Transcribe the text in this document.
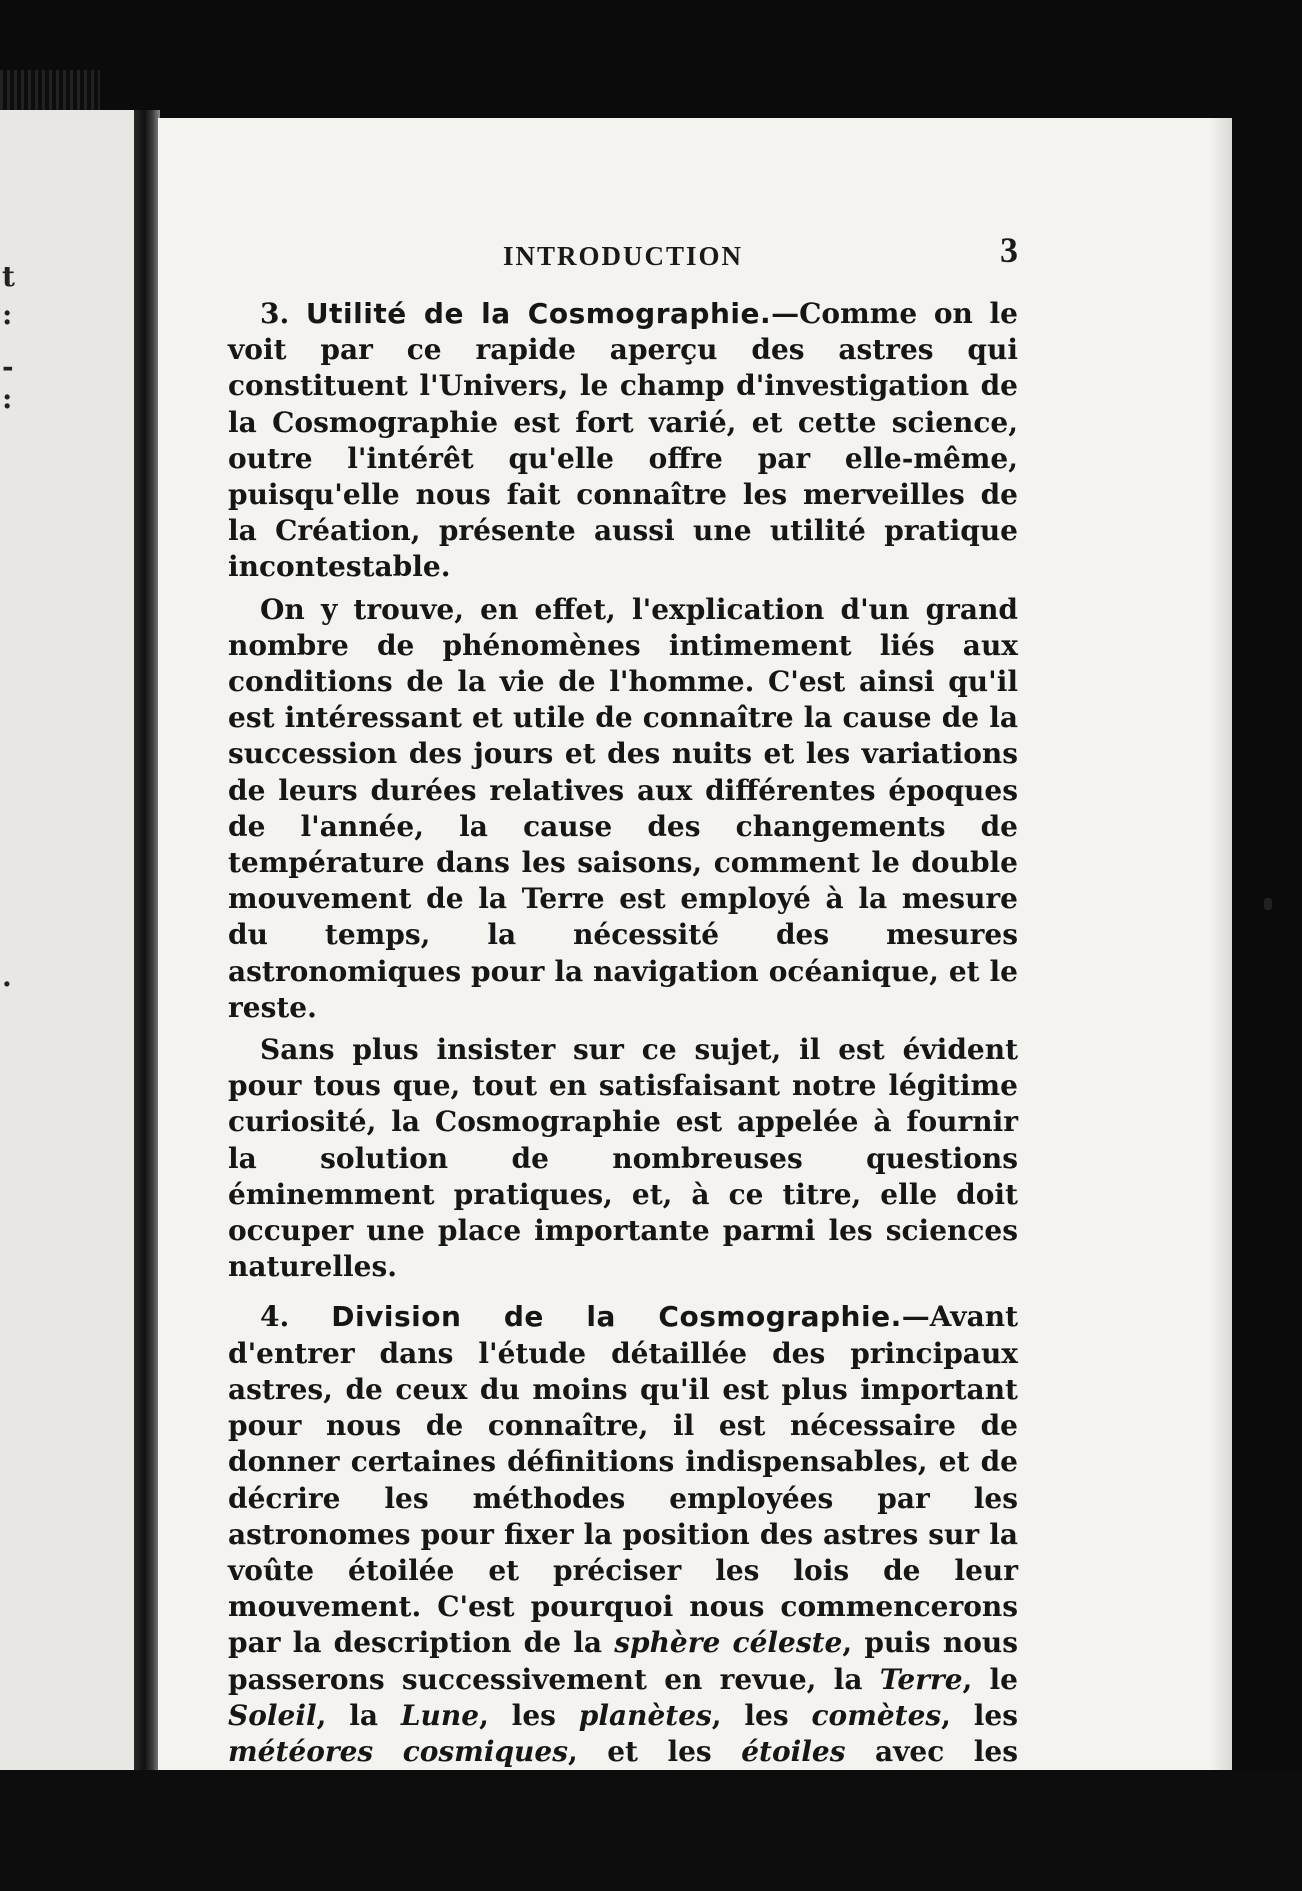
t
:
-
:
.
INTRODUCTION	3

3. Utilité de la Cosmographie.—Comme on le voit par ce rapide aperçu des astres qui constituent l'Univers, le champ d'investigation de la Cosmographie est fort varié, et cette science, outre l'intérêt qu'elle offre par elle-même, puisqu'elle nous fait connaître les merveilles de la Création, présente aussi une utilité pratique incontestable.

On y trouve, en effet, l'explication d'un grand nombre de phénomènes intimement liés aux conditions de la vie de l'homme. C'est ainsi qu'il est intéressant et utile de connaître la cause de la succession des jours et des nuits et les variations de leurs durées relatives aux différentes époques de l'année, la cause des changements de température dans les saisons, comment le double mouvement de la Terre est employé à la mesure du temps, la nécessité des mesures astronomiques pour la navigation océanique, et le reste.

Sans plus insister sur ce sujet, il est évident pour tous que, tout en satisfaisant notre légitime curiosité, la Cosmographie est appelée à fournir la solution de nombreuses questions éminemment pratiques, et, à ce titre, elle doit occuper une place importante parmi les sciences naturelles.

4. Division de la Cosmographie.—Avant d'entrer dans l'étude détaillée des principaux astres, de ceux du moins qu'il est plus important pour nous de connaître, il est nécessaire de donner certaines définitions indispensables, et de décrire les méthodes employées par les astronomes pour fixer la position des astres sur la voûte étoilée et préciser les lois de leur mouvement. C'est pourquoi nous commencerons par la description de la sphère céleste, puis nous passerons successivement en revue, la Terre, le Soleil, la Lune, les planètes, les comètes, les météores cosmiques, et les étoiles avec les
